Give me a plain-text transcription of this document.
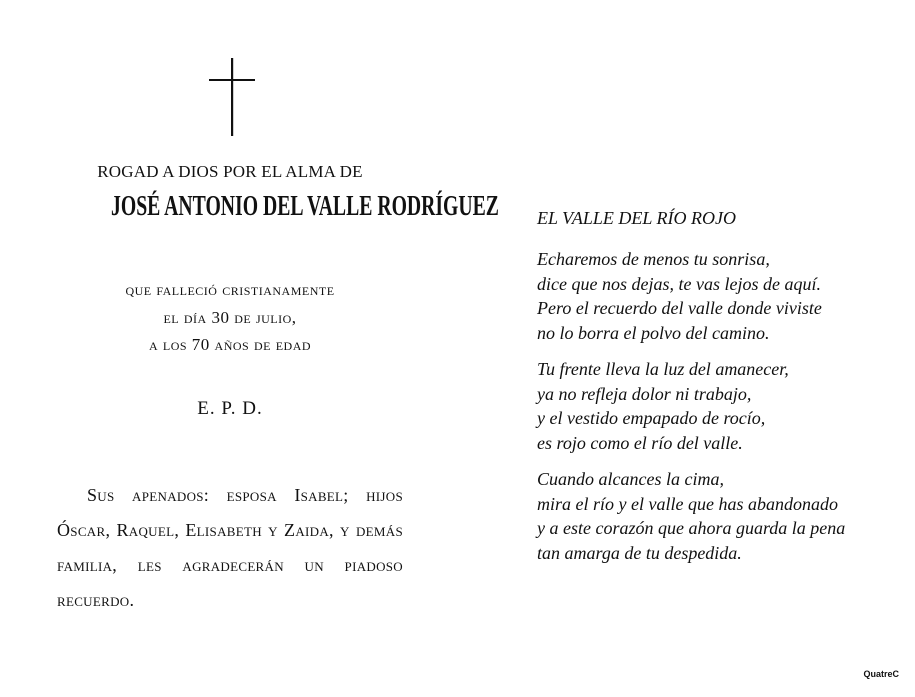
ROGAD A DIOS POR EL ALMA DE
JOSÉ ANTONIO DEL VALLE RODRÍGUEZ
que falleció cristianamente
el día 30 de julio,
a los 70 años de edad
E. P. D.
Sus apenados: esposa Isabel; hijos Óscar, Raquel, Elisabeth y Zaida, y demás familia, les agradecerán un piadoso recuerdo.
EL VALLE DEL RÍO ROJO
Echaremos de menos tu sonrisa,
dice que nos dejas, te vas lejos de aquí.
Pero el recuerdo del valle donde viviste
no lo borra el polvo del camino.
Tu frente lleva la luz del amanecer,
ya no refleja dolor ni trabajo,
y el vestido empapado de rocío,
es rojo como el río del valle.
Cuando alcances la cima,
mira el río y el valle que has abandonado
y a este corazón que ahora guarda la pena
tan amarga de tu despedida.
QuatreC
